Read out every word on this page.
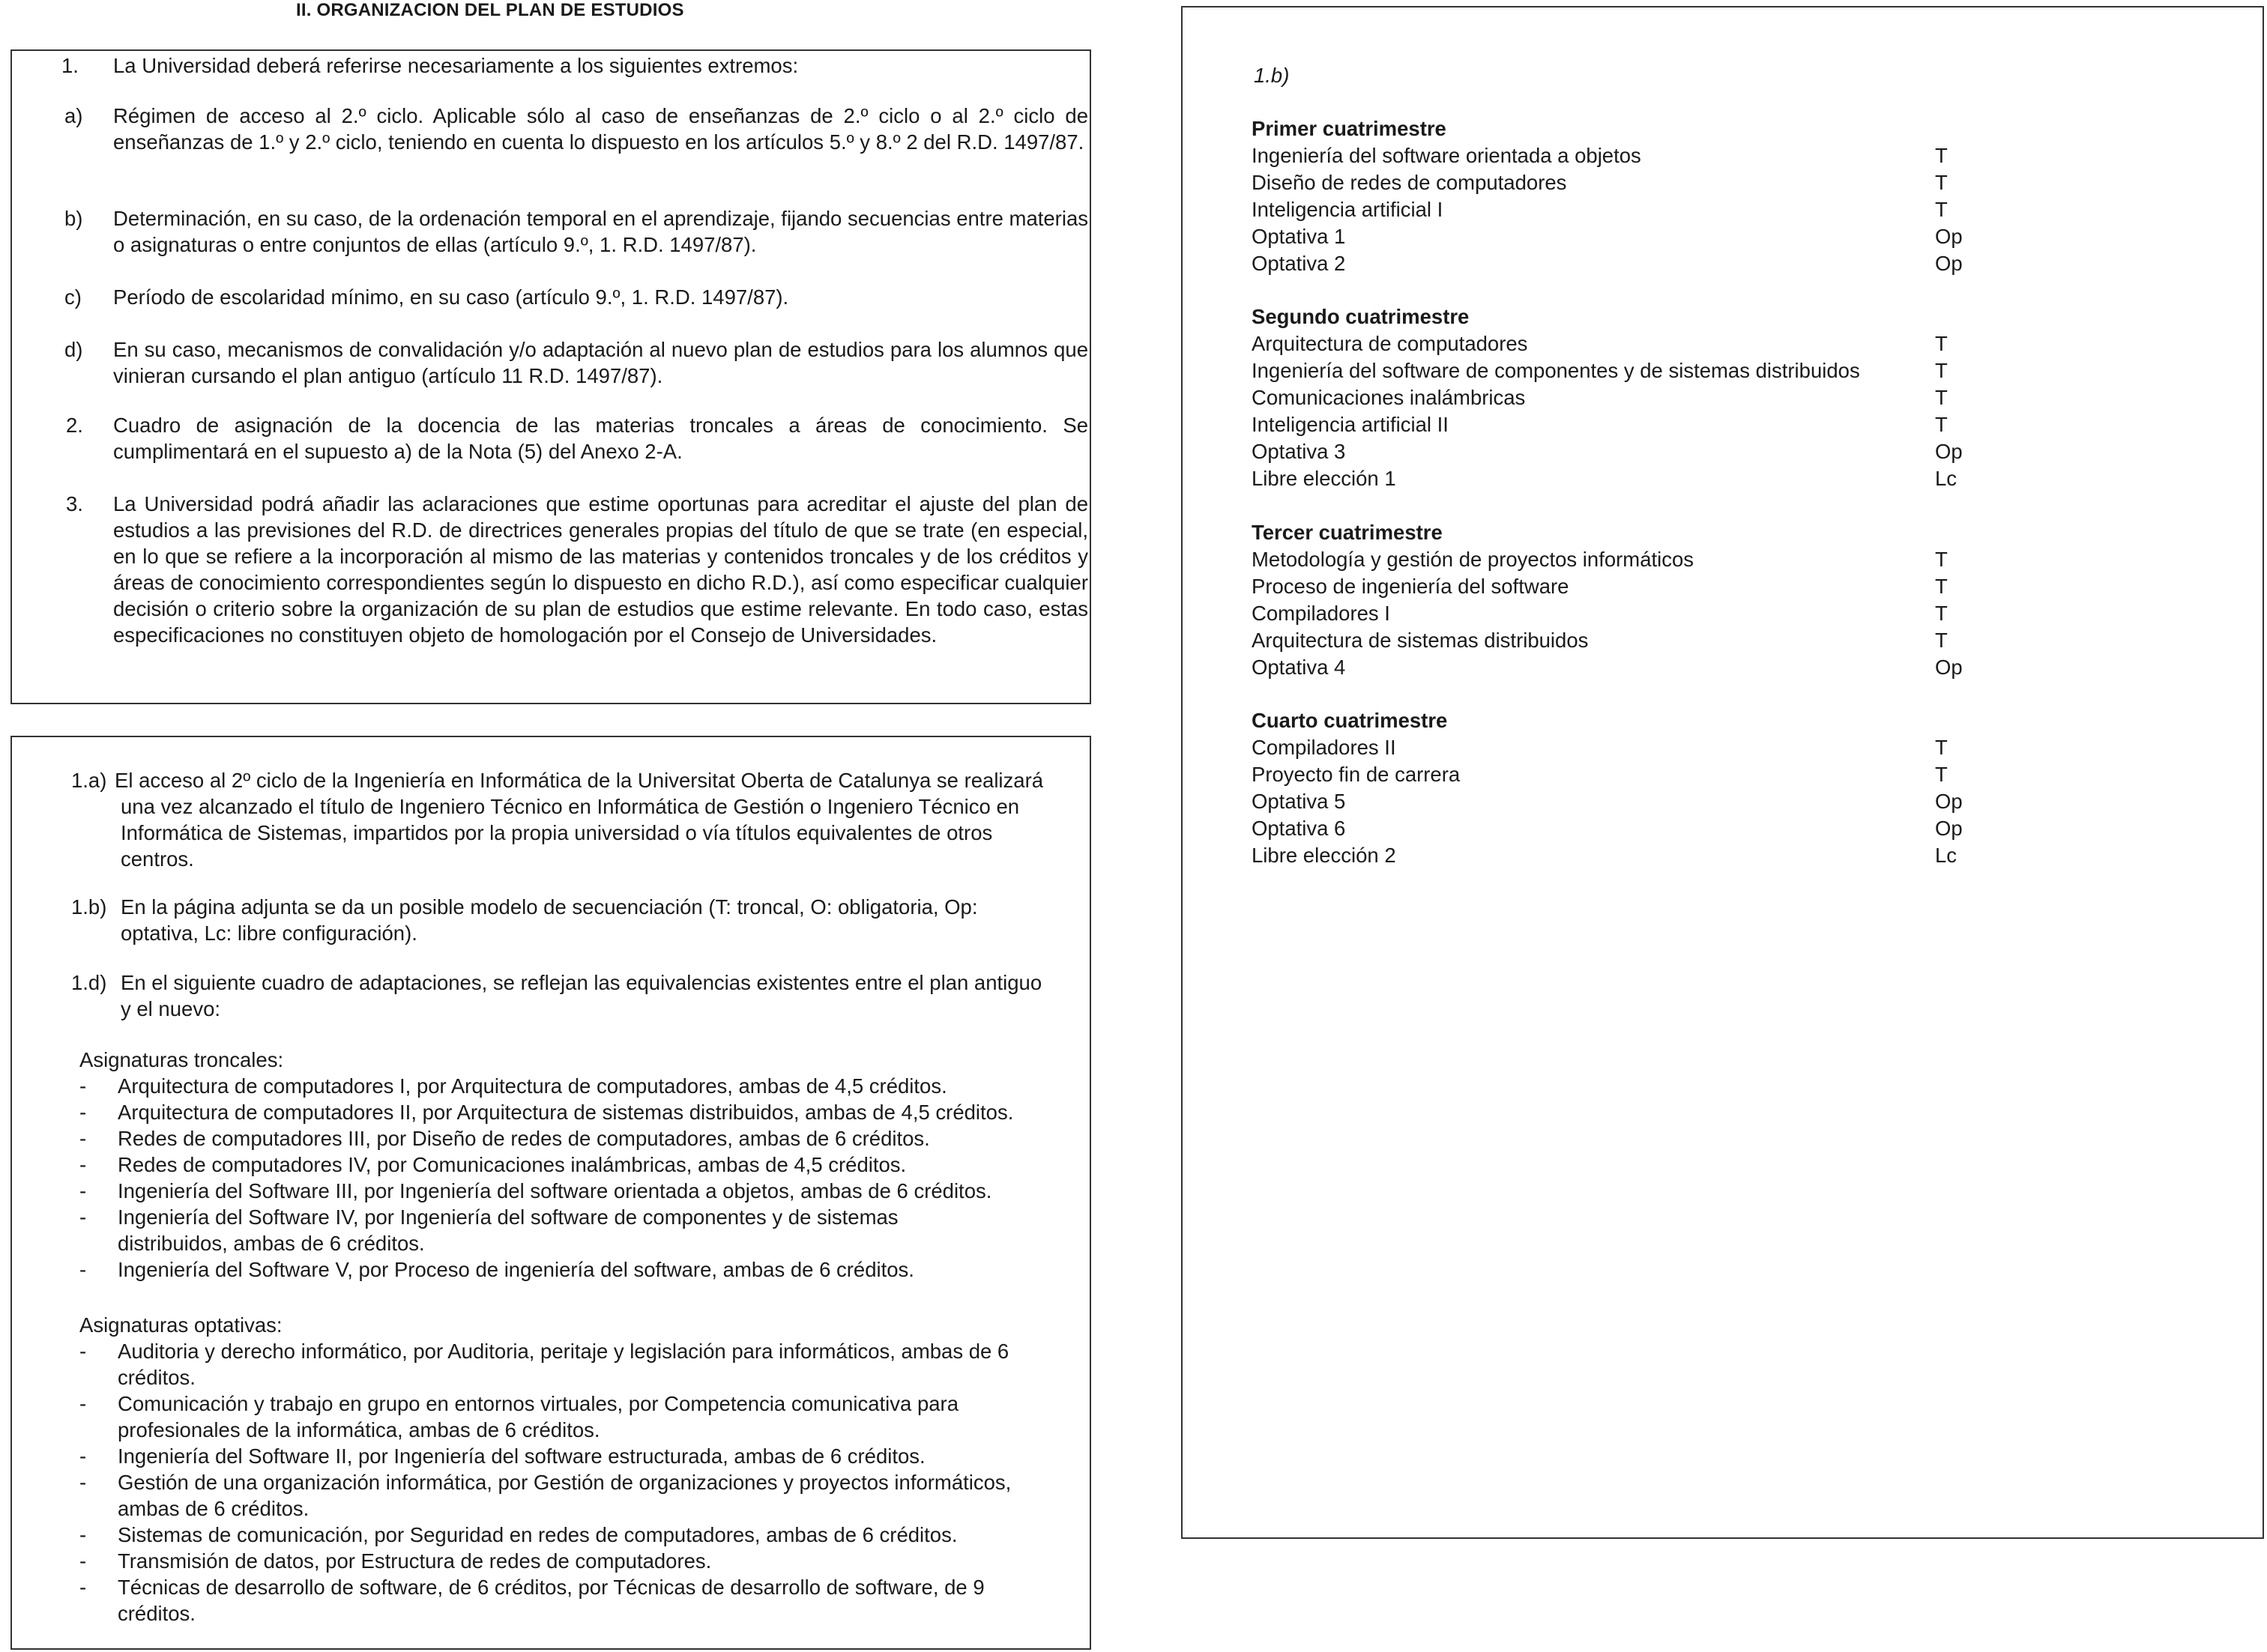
II. ORGANIZACION DEL PLAN DE ESTUDIOS
1. La Universidad deberá referirse necesariamente a los siguientes extremos:
a) Régimen de acceso al 2.º ciclo. Aplicable sólo al caso de enseñanzas de 2.º ciclo o al 2.º ciclo de enseñanzas de 1.º y 2.º ciclo, teniendo en cuenta lo dispuesto en los artículos 5.º y 8.º 2 del R.D. 1497/87.
b) Determinación, en su caso, de la ordenación temporal en el aprendizaje, fijando secuencias entre materias o asignaturas o entre conjuntos de ellas (artículo 9.º, 1. R.D. 1497/87).
c) Período de escolaridad mínimo, en su caso (artículo 9.º, 1. R.D. 1497/87).
d) En su caso, mecanismos de convalidación y/o adaptación al nuevo plan de estudios para los alumnos que vinieran cursando el plan antiguo (artículo 11 R.D. 1497/87).
2. Cuadro de asignación de la docencia de las materias troncales a áreas de conocimiento. Se cumplimentará en el supuesto a) de la Nota (5) del Anexo 2-A.
3. La Universidad podrá añadir las aclaraciones que estime oportunas para acreditar el ajuste del plan de estudios a las previsiones del R.D. de directrices generales propias del título de que se trate (en especial, en lo que se refiere a la incorporación al mismo de las materias y contenidos troncales y de los créditos y áreas de conocimiento correspondientes según lo dispuesto en dicho R.D.), así como especificar cualquier decisión o criterio sobre la organización de su plan de estudios que estime relevante. En todo caso, estas especificaciones no constituyen objeto de homologación por el Consejo de Universidades.
1.a) El acceso al 2º ciclo de la Ingeniería en Informática de la Universitat Oberta de Catalunya se realizará una vez alcanzado el título de Ingeniero Técnico en Informática de Gestión o Ingeniero Técnico en Informática de Sistemas, impartidos por la propia universidad o vía títulos equivalentes de otros centros.
1.b) En la página adjunta se da un posible modelo de secuenciación (T: troncal, O: obligatoria, Op: optativa, Lc: libre configuración).
1.d) En el siguiente cuadro de adaptaciones, se reflejan las equivalencias existentes entre el plan antiguo y el nuevo:
Asignaturas troncales:
- Arquitectura de computadores I, por Arquitectura de computadores, ambas de 4,5 créditos.
- Arquitectura de computadores II, por Arquitectura de sistemas distribuidos, ambas de 4,5 créditos.
- Redes de computadores III, por Diseño de redes de computadores, ambas de 6 créditos.
- Redes de computadores IV, por Comunicaciones inalámbricas, ambas de 4,5 créditos.
- Ingeniería del Software III, por Ingeniería del software orientada a objetos, ambas de 6 créditos.
- Ingeniería del Software IV, por Ingeniería del software de componentes y de sistemas distribuidos, ambas de 6 créditos.
- Ingeniería del Software V, por Proceso de ingeniería del software, ambas de 6 créditos.
Asignaturas optativas:
- Auditoria y derecho informático, por Auditoria, peritaje y legislación para informáticos, ambas de 6 créditos.
- Comunicación y trabajo en grupo en entornos virtuales, por Competencia comunicativa para profesionales de la informática, ambas de 6 créditos.
- Ingeniería del Software II, por Ingeniería del software estructurada, ambas de 6 créditos.
- Gestión de una organización informática, por Gestión de organizaciones y proyectos informáticos, ambas de 6 créditos.
- Sistemas de comunicación, por Seguridad en redes de computadores, ambas de 6 créditos.
- Transmisión de datos, por Estructura de redes de computadores.
- Técnicas de desarrollo de software, de 6 créditos, por Técnicas de desarrollo de software, de 9 créditos.
1.b)
Primer cuatrimestre
Ingeniería del software orientada a objetos	T
Diseño de redes de computadores	T
Inteligencia artificial I	T
Optativa 1	Op
Optativa 2	Op
Segundo cuatrimestre
Arquitectura de computadores	T
Ingeniería del software de componentes y de sistemas distribuidos	T
Comunicaciones inalámbricas	T
Inteligencia artificial II	T
Optativa 3	Op
Libre elección 1	Lc
Tercer cuatrimestre
Metodología y gestión de proyectos informáticos	T
Proceso de ingeniería del software	T
Compiladores I	T
Arquitectura de sistemas distribuidos	T
Optativa 4	Op
Cuarto cuatrimestre
Compiladores II	T
Proyecto fin de carrera	T
Optativa 5	Op
Optativa 6	Op
Libre elección 2	Lc
